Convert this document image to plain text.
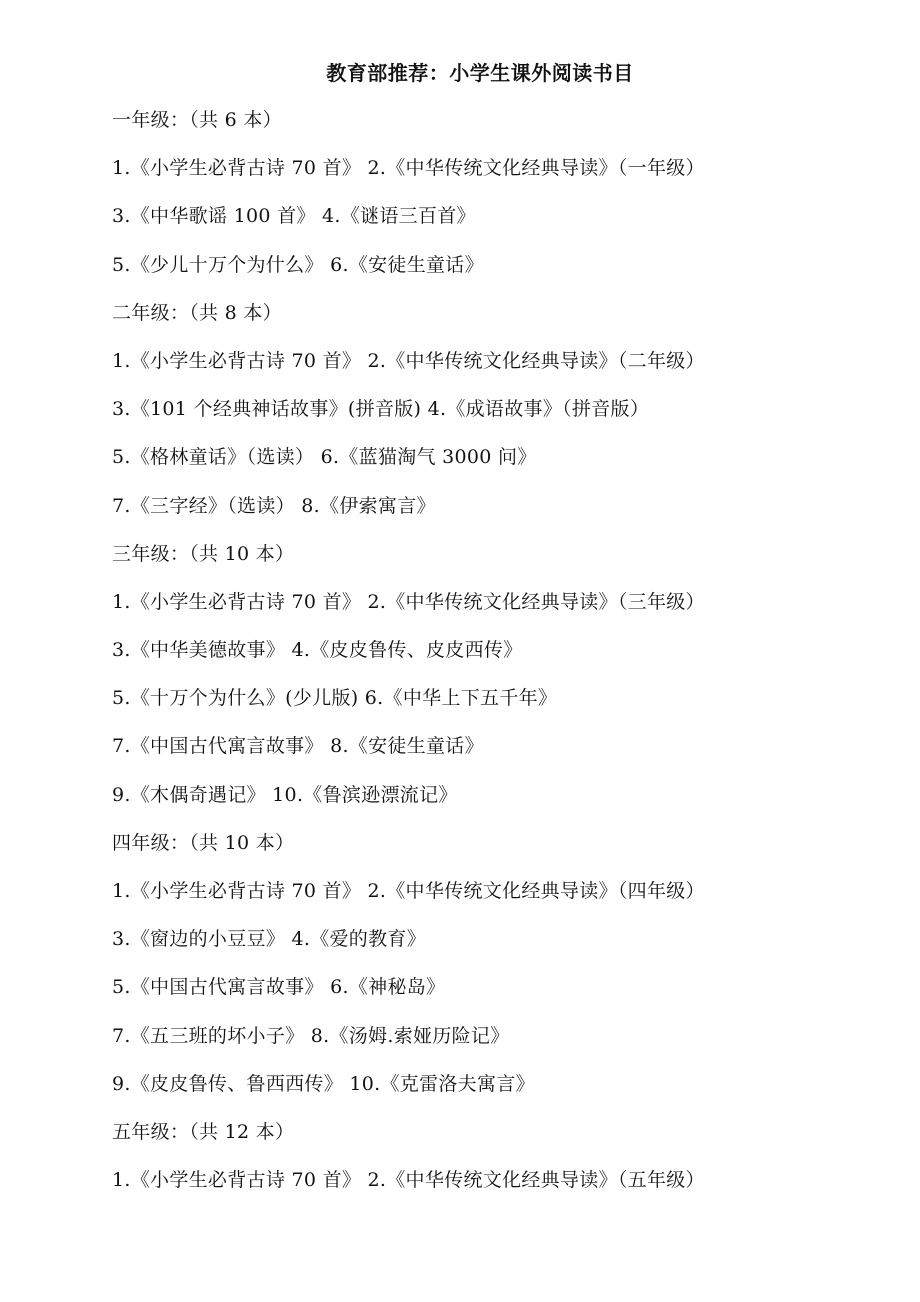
教育部推荐：小学生课外阅读书目
一年级：（共 6 本）
1.《小学生必背古诗 70 首》 2.《中华传统文化经典导读》（一年级）
3.《中华歌谣 100 首》 4.《谜语三百首》
5.《少儿十万个为什么》 6.《安徒生童话》
二年级：（共 8 本）
1.《小学生必背古诗 70 首》 2.《中华传统文化经典导读》（二年级）
3.《101 个经典神话故事》(拼音版) 4.《成语故事》（拼音版）
5.《格林童话》（选读） 6.《蓝猫淘气 3000 问》
7.《三字经》（选读） 8.《伊索寓言》
三年级：（共 10 本）
1.《小学生必背古诗 70 首》 2.《中华传统文化经典导读》（三年级）
3.《中华美德故事》 4.《皮皮鲁传、皮皮西传》
5.《十万个为什么》(少儿版) 6.《中华上下五千年》
7.《中国古代寓言故事》 8.《安徒生童话》
9.《木偶奇遇记》 10.《鲁滨逊漂流记》
四年级：（共 10 本）
1.《小学生必背古诗 70 首》 2.《中华传统文化经典导读》（四年级）
3.《窗边的小豆豆》 4.《爱的教育》
5.《中国古代寓言故事》 6.《神秘岛》
7.《五三班的坏小子》 8.《汤姆.索娅历险记》
9.《皮皮鲁传、鲁西西传》 10.《克雷洛夫寓言》
五年级：（共 12 本）
1.《小学生必背古诗 70 首》 2.《中华传统文化经典导读》（五年级）
